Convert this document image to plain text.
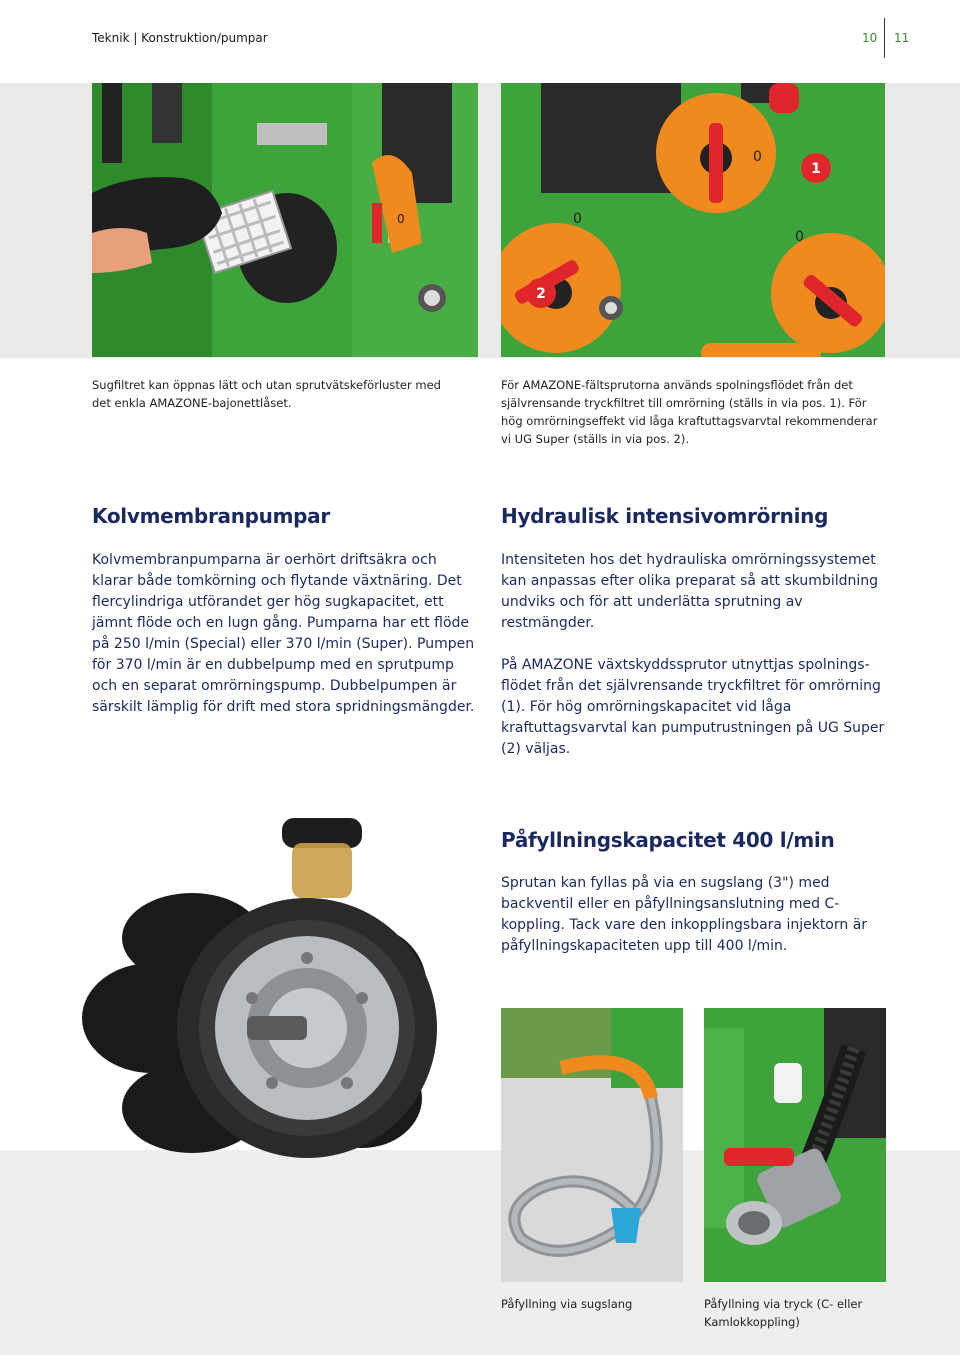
Teknik | Konstruktion/pumpar	10 11
0
1
2
0
0
0
Sugfiltret kan öppnas lätt och utan sprutvätskeförluster med det enkla AMAZONE-bajonettlåset.
För AMAZONE-fältsprutorna används spolningsflödet från det självrensande tryckfiltret till omrörning (ställs in via pos. 1). För hög omrörningseffekt vid låga kraftuttagsvarvtal rekommenderar vi UG Super (ställs in via pos. 2).
Kolvmembranpumpar

Kolvmembranpumparna är oerhört driftsäkra och klarar både tomkörning och flytande växtnäring. Det flercylindriga utförandet ger hög sugkapacitet, ett jämnt flöde och en lugn gång. Pumparna har ett flöde på 250 l/min (Special) eller 370 l/min (Super). Pumpen för 370 l/min är en dubbelpump med en sprutpump och en separat omrörningspump. Dubbelpumpen är särskilt lämplig för drift med stora spridningsmängder.

Hydraulisk intensivomrörning

Intensiteten hos det hydrauliska omrörningssystemet kan anpassas efter olika preparat så att skumbildning undviks och för att underlätta sprutning av restmängder.

På AMAZONE växtskyddssprutor utnyttjas spolnings-flödet från det självrensande tryckfiltret för omrörning (1). För hög omrörningskapacitet vid låga kraftuttagsvarvtal kan pumputrustningen på UG Super (2) väljas.

Påfyllningskapacitet 400 l/min

Sprutan kan fyllas på via en sugslang (3") med backventil eller en påfyllningsanslutning med C-koppling. Tack vare den inkopplingsbara injektorn är påfyllningskapaciteten upp till 400 l/min.

Påfyllning via sugslang	Påfyllning via tryck (C- eller Kamlokkoppling)
